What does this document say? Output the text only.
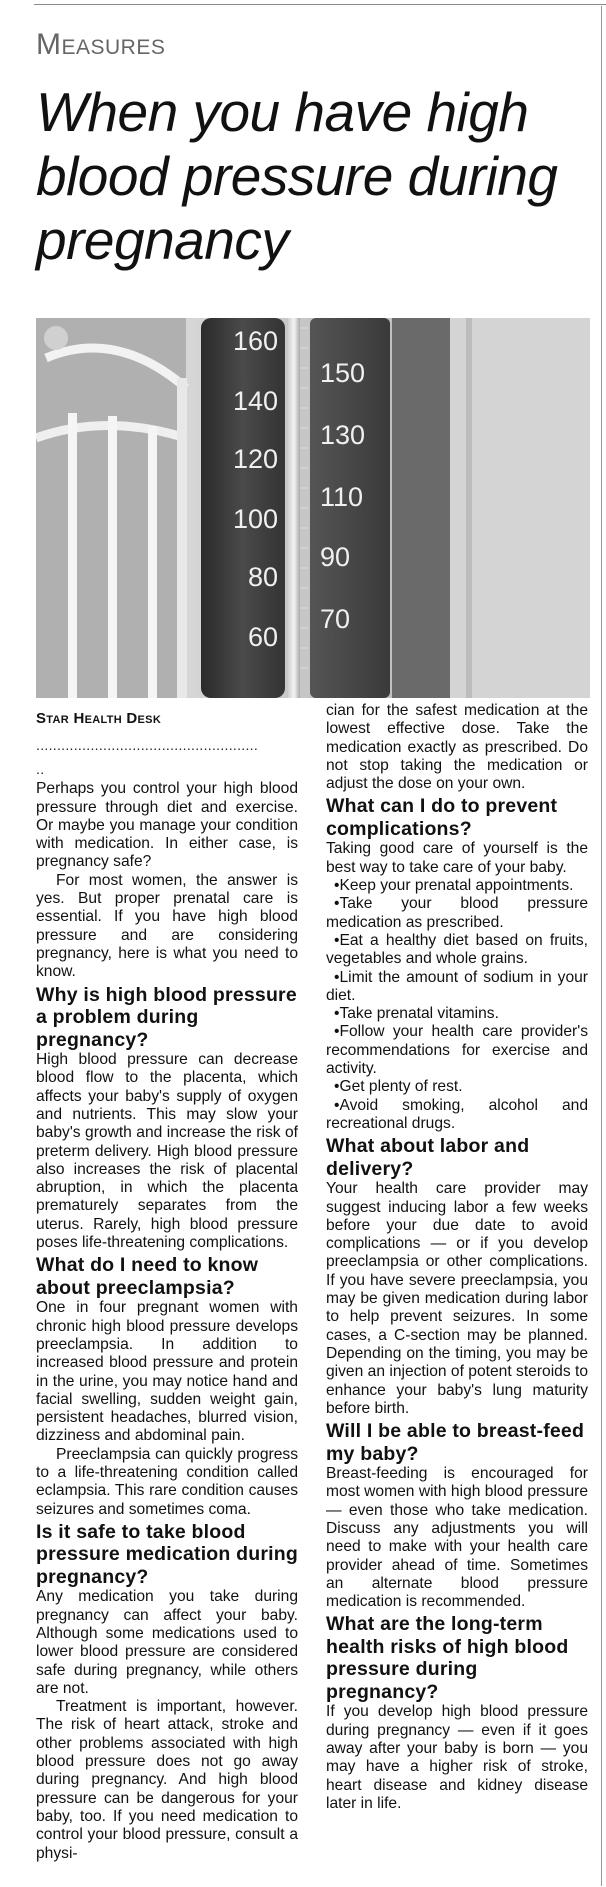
Measures
When you have high blood pressure during pregnancy
160
140
120
100
80
60
150
130
110
90
70
Star Health Desk
.....................................................
..

Perhaps you control your high blood pressure through diet and exercise. Or maybe you manage your condition with medication. In either case, is pregnancy safe?

For most women, the answer is yes. But proper prenatal care is essential. If you have high blood pressure and are considering pregnancy, here is what you need to know.

Why is high blood pressure a problem during pregnancy?

High blood pressure can decrease blood flow to the placenta, which affects your baby's supply of oxygen and nutrients. This may slow your baby's growth and increase the risk of preterm delivery. High blood pressure also increases the risk of placental abruption, in which the placenta prematurely separates from the uterus. Rarely, high blood pressure poses life-threatening complications.

What do I need to know about preeclampsia?

One in four pregnant women with chronic high blood pressure develops preeclampsia. In addition to increased blood pressure and protein in the urine, you may notice hand and facial swelling, sudden weight gain, persistent headaches, blurred vision, dizziness and abdominal pain.

Preeclampsia can quickly progress to a life-threatening condition called eclampsia. This rare condition causes seizures and sometimes coma.

Is it safe to take blood pressure medication during pregnancy?

Any medication you take during pregnancy can affect your baby. Although some medications used to lower blood pressure are considered safe during pregnancy, while others are not.

Treatment is important, however. The risk of heart attack, stroke and other problems associated with high blood pressure does not go away during pregnancy. And high blood pressure can be dangerous for your baby, too. If you need medication to control your blood pressure, consult a physi-

cian for the safest medication at the lowest effective dose. Take the medication exactly as prescribed. Do not stop taking the medication or adjust the dose on your own.

What can I do to prevent complications?

Taking good care of yourself is the best way to take care of your baby.

•Keep your prenatal appointments.

•Take your blood pressure medication as prescribed.

•Eat a healthy diet based on fruits, vegetables and whole grains.

•Limit the amount of sodium in your diet.

•Take prenatal vitamins.

•Follow your health care provider's recommendations for exercise and activity.

•Get plenty of rest.

•Avoid smoking, alcohol and recreational drugs.

What about labor and delivery?

Your health care provider may suggest inducing labor a few weeks before your due date to avoid complications — or if you develop preeclampsia or other complications. If you have severe preeclampsia, you may be given medication during labor to help prevent seizures. In some cases, a C-section may be planned. Depending on the timing, you may be given an injection of potent steroids to enhance your baby's lung maturity before birth.

Will I be able to breast-feed my baby?

Breast-feeding is encouraged for most women with high blood pressure — even those who take medication. Discuss any adjustments you will need to make with your health care provider ahead of time. Sometimes an alternate blood pressure medication is recommended.

What are the long-term health risks of high blood pressure during pregnancy?

If you develop high blood pressure during pregnancy — even if it goes away after your baby is born — you may have a higher risk of stroke, heart disease and kidney disease later in life.
